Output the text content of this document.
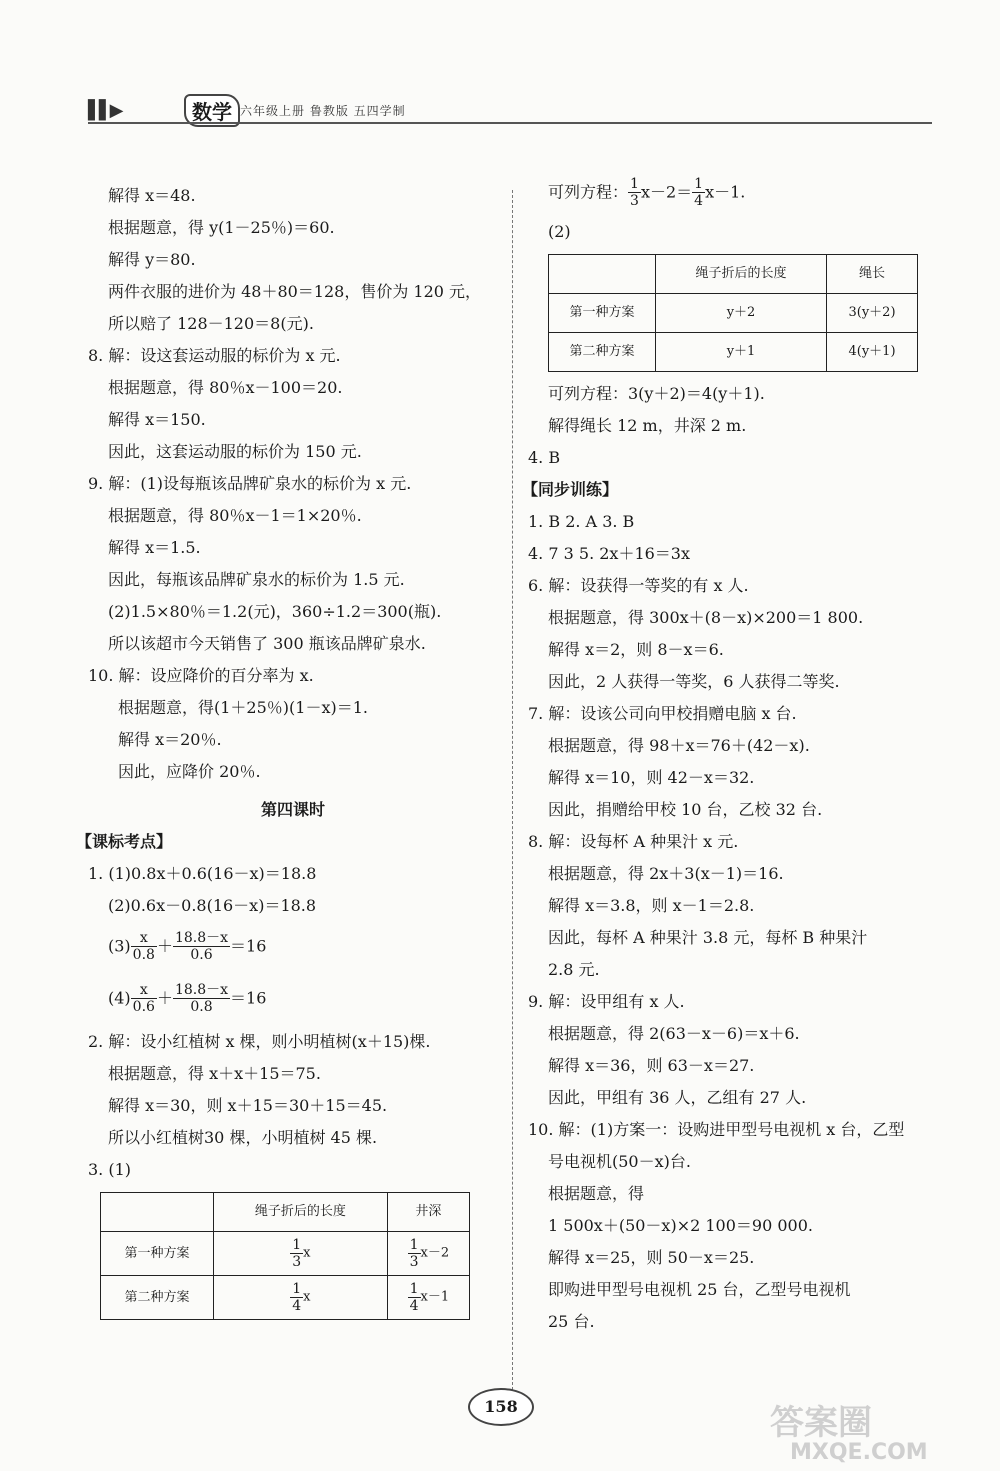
▌▌▶	数学 六年级上册 鲁教版 五四学制
解得 x＝48.
根据题意，得 y(1－25％)＝60.
解得 y＝80.
两件衣服的进价为 48＋80＝128，售价为 120 元，
所以赔了 128－120＝8(元).
8. 解：设这套运动服的标价为 x 元.
根据题意，得 80％x－100＝20.
解得 x＝150.
因此，这套运动服的标价为 150 元.
9. 解：(1)设每瓶该品牌矿泉水的标价为 x 元.
根据题意，得 80％x－1＝1×20％.
解得 x＝1.5.
因此，每瓶该品牌矿泉水的标价为 1.5 元.
(2)1.5×80％＝1.2(元)，360÷1.2＝300(瓶).
所以该超市今天销售了 300 瓶该品牌矿泉水.
10. 解：设应降价的百分率为 x.
根据题意，得(1＋25％)(1－x)＝1.
解得 x＝20％.
因此，应降价 20％.
第四课时
【课标考点】
1. (1)0.8x＋0.6(16－x)＝18.8
(2)0.6x－0.8(16－x)＝18.8
$(3) \frac{x}{0.8} + \frac{18.8-x}{0.6} =16$
$(4) \frac{x}{0.6} + \frac{18.8-x}{0.8} =16$
2. 解：设小红植树 x 棵，则小明植树(x＋15)棵.
根据题意，得 x＋x＋15＝75.
解得 x＝30，则 x＋15＝30＋15＝45.
所以小红植树30 棵，小明植树 45 棵.
3. (1)
	绳子折后的长度	井深
第一种方案	$\frac{1}{3}$ x	$\frac{1}{3} x-2$
第二种方案	$\frac{1}{4}$ x	$\frac{1}{4} x-1$
可列方程： $\frac{1}{3} x-2= \frac{1}{4} x-1$.
(2)
	绳子折后的长度	绳长
第一种方案	y＋2	3(y＋2)
第二种方案	y＋1	4(y＋1)
可列方程：3(y＋2)＝4(y＋1).
解得绳长 12 m，井深 2 m.
4. B
【同步训练】
1. B 2. A 3. B
4. 7 3 5. 2x＋16＝3x
6. 解：设获得一等奖的有 x 人.
根据题意，得 300x＋(8－x)×200＝1 800.
解得 x＝2，则 8－x＝6.
因此，2 人获得一等奖，6 人获得二等奖.
7. 解：设该公司向甲校捐赠电脑 x 台.
根据题意，得 98＋x＝76＋(42－x).
解得 x＝10，则 42－x＝32.
因此，捐赠给甲校 10 台，乙校 32 台.
8. 解：设每杯 A 种果汁 x 元.
根据题意，得 2x＋3(x－1)＝16.
解得 x＝3.8，则 x－1＝2.8.
因此，每杯 A 种果汁 3.8 元，每杯 B 种果汁
2.8 元.
9. 解：设甲组有 x 人.
根据题意，得 2(63－x－6)＝x＋6.
解得 x＝36，则 63－x＝27.
因此，甲组有 36 人，乙组有 27 人.
10. 解：(1)方案一：设购进甲型号电视机 x 台，乙型
号电视机(50－x)台.
根据题意，得
1 500x＋(50－x)×2 100＝90 000.
解得 x＝25，则 50－x＝25.
即购进甲型号电视机 25 台，乙型号电视机
25 台.
158	答案圈
MXQE.COM
